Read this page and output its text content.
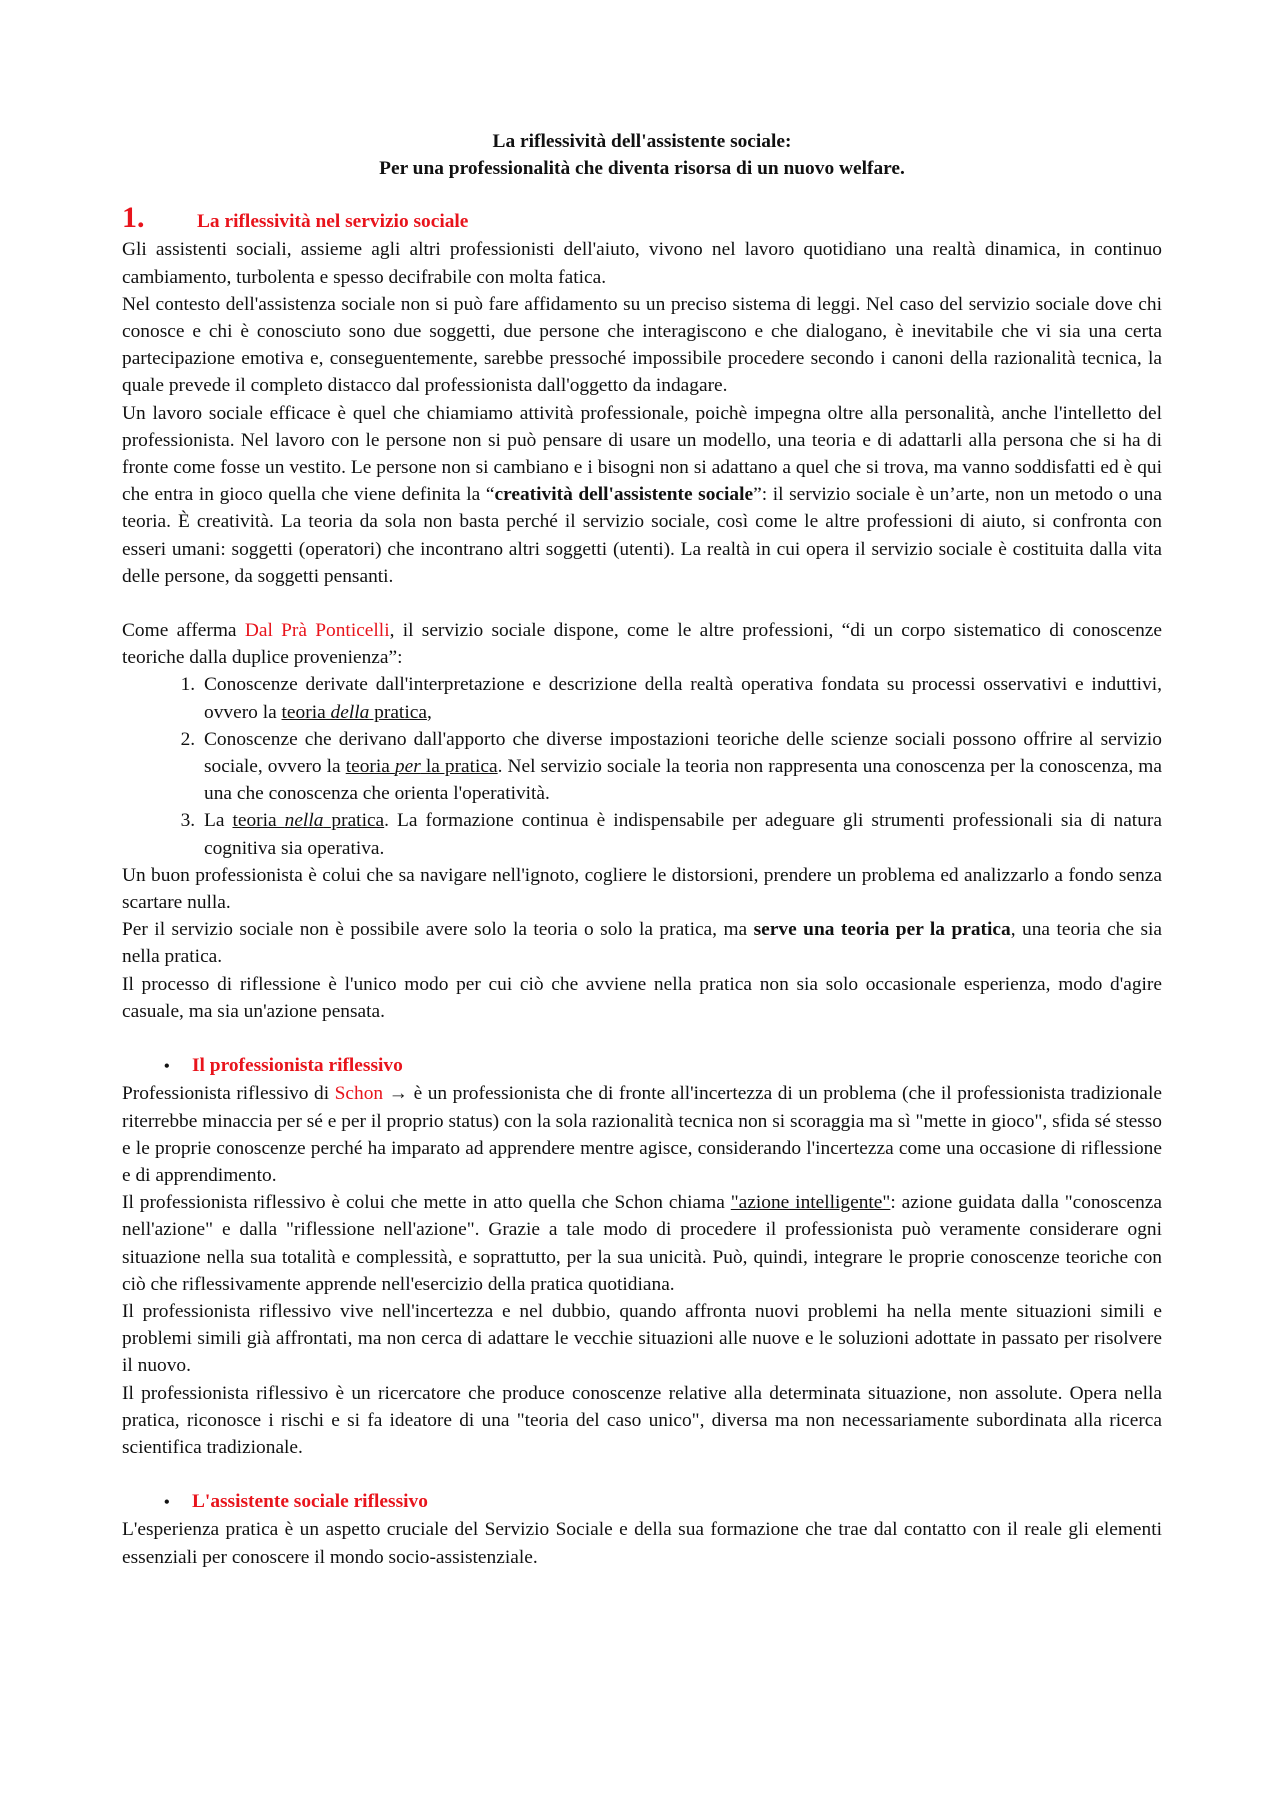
La riflessività dell'assistente sociale:

Per una professionalità che diventa risorsa di un nuovo welfare.

1.	La riflessività nel servizio sociale

Gli assistenti sociali, assieme agli altri professionisti dell'aiuto, vivono nel lavoro quotidiano una realtà dinamica, in continuo cambiamento, turbolenta e spesso decifrabile con molta fatica.

Nel contesto dell'assistenza sociale non si può fare affidamento su un preciso sistema di leggi. Nel caso del servizio sociale dove chi conosce e chi è conosciuto sono due soggetti, due persone che interagiscono e che dialogano, è inevitabile che vi sia una certa partecipazione emotiva e, conseguentemente, sarebbe pressoché impossibile procedere secondo i canoni della razionalità tecnica, la quale prevede il completo distacco dal professionista dall'oggetto da indagare.

Un lavoro sociale efficace è quel che chiamiamo attività professionale, poichè impegna oltre alla personalità, anche l'intelletto del professionista. Nel lavoro con le persone non si può pensare di usare un modello, una teoria e di adattarli alla persona che si ha di fronte come fosse un vestito. Le persone non si cambiano e i bisogni non si adattano a quel che si trova, ma vanno soddisfatti ed è qui che entra in gioco quella che viene definita la “creatività dell'assistente sociale”: il servizio sociale è un’arte, non un metodo o una teoria. È creatività. La teoria da sola non basta perché il servizio sociale, così come le altre professioni di aiuto, si confronta con esseri umani: soggetti (operatori) che incontrano altri soggetti (utenti). La realtà in cui opera il servizio sociale è costituita dalla vita delle persone, da soggetti pensanti.

Come afferma Dal Prà Ponticelli, il servizio sociale dispone, come le altre professioni, “di un corpo sistematico di conoscenze teoriche dalla duplice provenienza”:

1. Conoscenze derivate dall'interpretazione e descrizione della realtà operativa fondata su processi osservativi e induttivi, ovvero la teoria della pratica,
2. Conoscenze che derivano dall'apporto che diverse impostazioni teoriche delle scienze sociali possono offrire al servizio sociale, ovvero la teoria per la pratica. Nel servizio sociale la teoria non rappresenta una conoscenza per la conoscenza, ma una che conoscenza che orienta l'operatività.
3. La teoria nella pratica. La formazione continua è indispensabile per adeguare gli strumenti professionali sia di natura cognitiva sia operativa.

Un buon professionista è colui che sa navigare nell'ignoto, cogliere le distorsioni, prendere un problema ed analizzarlo a fondo senza scartare nulla.

Per il servizio sociale non è possibile avere solo la teoria o solo la pratica, ma serve una teoria per la pratica, una teoria che sia nella pratica.

Il processo di riflessione è l'unico modo per cui ciò che avviene nella pratica non sia solo occasionale esperienza, modo d'agire casuale, ma sia un'azione pensata.

•	Il professionista riflessivo

Professionista riflessivo di Schon → è un professionista che di fronte all'incertezza di un problema (che il professionista tradizionale riterrebbe minaccia per sé e per il proprio status) con la sola razionalità tecnica non si scoraggia ma sì "mette in gioco", sfida sé stesso e le proprie conoscenze perché ha imparato ad apprendere mentre agisce, considerando l'incertezza come una occasione di riflessione e di apprendimento.

Il professionista riflessivo è colui che mette in atto quella che Schon chiama "azione intelligente": azione guidata dalla "conoscenza nell'azione" e dalla "riflessione nell'azione". Grazie a tale modo di procedere il professionista può veramente considerare ogni situazione nella sua totalità e complessità, e soprattutto, per la sua unicità. Può, quindi, integrare le proprie conoscenze teoriche con ciò che riflessivamente apprende nell'esercizio della pratica quotidiana.

Il professionista riflessivo vive nell'incertezza e nel dubbio, quando affronta nuovi problemi ha nella mente situazioni simili e problemi simili già affrontati, ma non cerca di adattare le vecchie situazioni alle nuove e le soluzioni adottate in passato per risolvere il nuovo.

Il professionista riflessivo è un ricercatore che produce conoscenze relative alla determinata situazione, non assolute. Opera nella pratica, riconosce i rischi e si fa ideatore di una "teoria del caso unico", diversa ma non necessariamente subordinata alla ricerca scientifica tradizionale.

•	L'assistente sociale riflessivo

L'esperienza pratica è un aspetto cruciale del Servizio Sociale e della sua formazione che trae dal contatto con il reale gli elementi essenziali per conoscere il mondo socio-assistenziale.
